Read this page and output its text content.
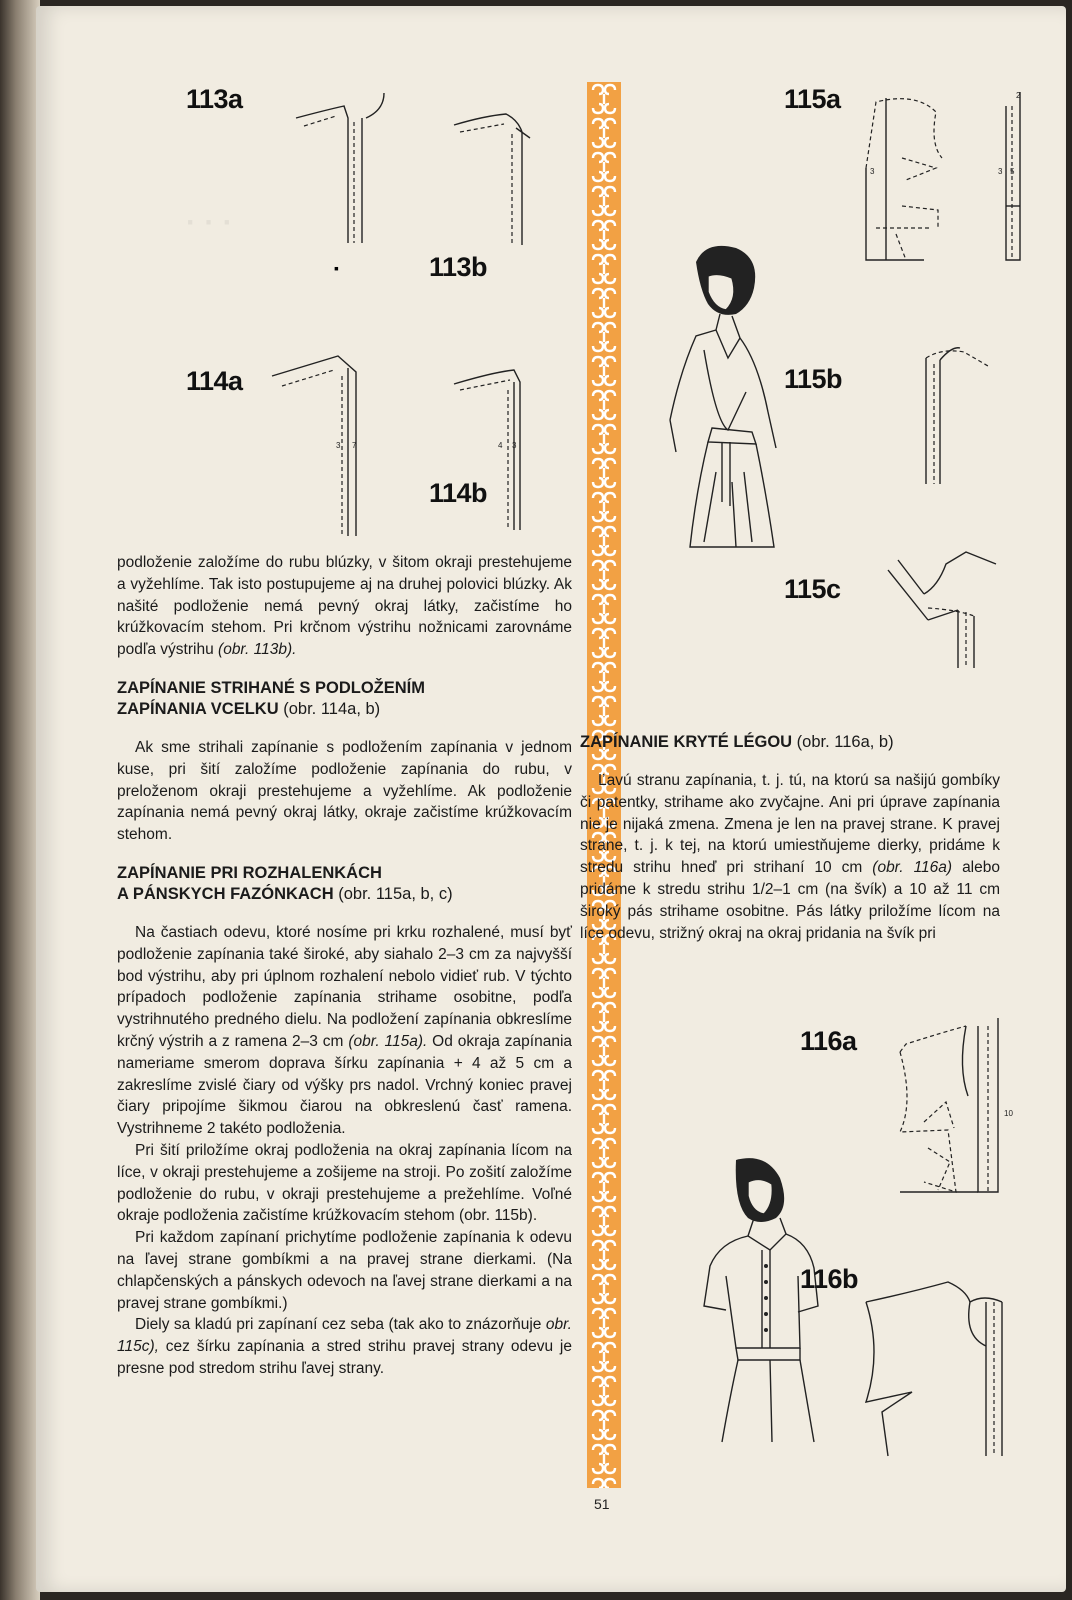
· · ·
113a
113b
114a
114b
115a
115b
115c
116a
116b
▪
3 7	4 3

podloženie založíme do rubu blúzky, v šitom okraji prestehujeme a vyžehlíme. Tak isto postupujeme aj na druhej polovici blúzky. Ak našité podloženie nemá pevný okraj látky, začistíme ho krúžkovacím stehom. Pri krčnom výstrihu nožnicami zarovnáme podľa výstrihu (obr. 113b).

ZAPÍNANIE STRIHANÉ S PODLOŽENÍM
ZAPÍNANIA VCELKU (obr. 114a, b)

Ak sme strihali zapínanie s podložením zapínania v jednom kuse, pri šití založíme podloženie zapínania do rubu, v preloženom okraji prestehujeme a vyžehlíme. Ak podloženie zapínania nemá pevný okraj látky, okraje začistíme krúžkovacím stehom.

ZAPÍNANIE PRI ROZHALENKÁCH
A PÁNSKYCH FAZÓNKACH (obr. 115a, b, c)

Na častiach odevu, ktoré nosíme pri krku rozhalené, musí byť podloženie zapínania také široké, aby siahalo 2–3 cm za najvyšší bod výstrihu, aby pri úplnom rozhalení nebolo vidieť rub. V týchto prípadoch podloženie zapínania strihame osobitne, podľa vystrihnutého predného dielu. Na podložení zapínania obkreslíme krčný výstrih a z ramena 2–3 cm (obr. 115a). Od okraja zapínania nameriame smerom doprava šírku zapínania + 4 až 5 cm a zakreslíme zvislé čiary od výšky prs nadol. Vrchný koniec pravej čiary pripojíme šikmou čiarou na obkreslenú časť ramena. Vystrihneme 2 takéto podloženia.

Pri šití priložíme okraj podloženia na okraj zapínania lícom na líce, v okraji prestehujeme a zošijeme na stroji. Po zošití založíme podloženie do rubu, v okraji prestehujeme a prežehlíme. Voľné okraje podloženia začistíme krúžkovacím stehom (obr. 115b).

Pri každom zapínaní prichytíme podloženie zapínania k odevu na ľavej strane gombíkmi a na pravej strane dierkami. (Na chlapčenských a pánskych odevoch na ľavej strane dierkami a na pravej strane gombíkmi.)

Diely sa kladú pri zapínaní cez seba (tak ako to znázorňuje obr. 115c), cez šírku zapínania a stred strihu pravej strany odevu je presne pod stredom strihu ľavej strany.

3	3 5
2

ZAPÍNANIE KRYTÉ LÉGOU (obr. 116a, b)

Ľavú stranu zapínania, t. j. tú, na ktorú sa našijú gombíky či patentky, strihame ako zvyčajne. Ani pri úprave zapínania nie je nijaká zmena. Zmena je len na pravej strane. K pravej strane, t. j. k tej, na ktorú umiestňujeme dierky, pridáme k stredu strihu hneď pri strihaní 10 cm (obr. 116a) alebo pridáme k stredu strihu 1/2–1 cm (na švík) a 10 až 11 cm široký pás strihame osobitne. Pás látky priložíme lícom na líce odevu, strižný okraj na okraj pridania na švík pri

10
51
